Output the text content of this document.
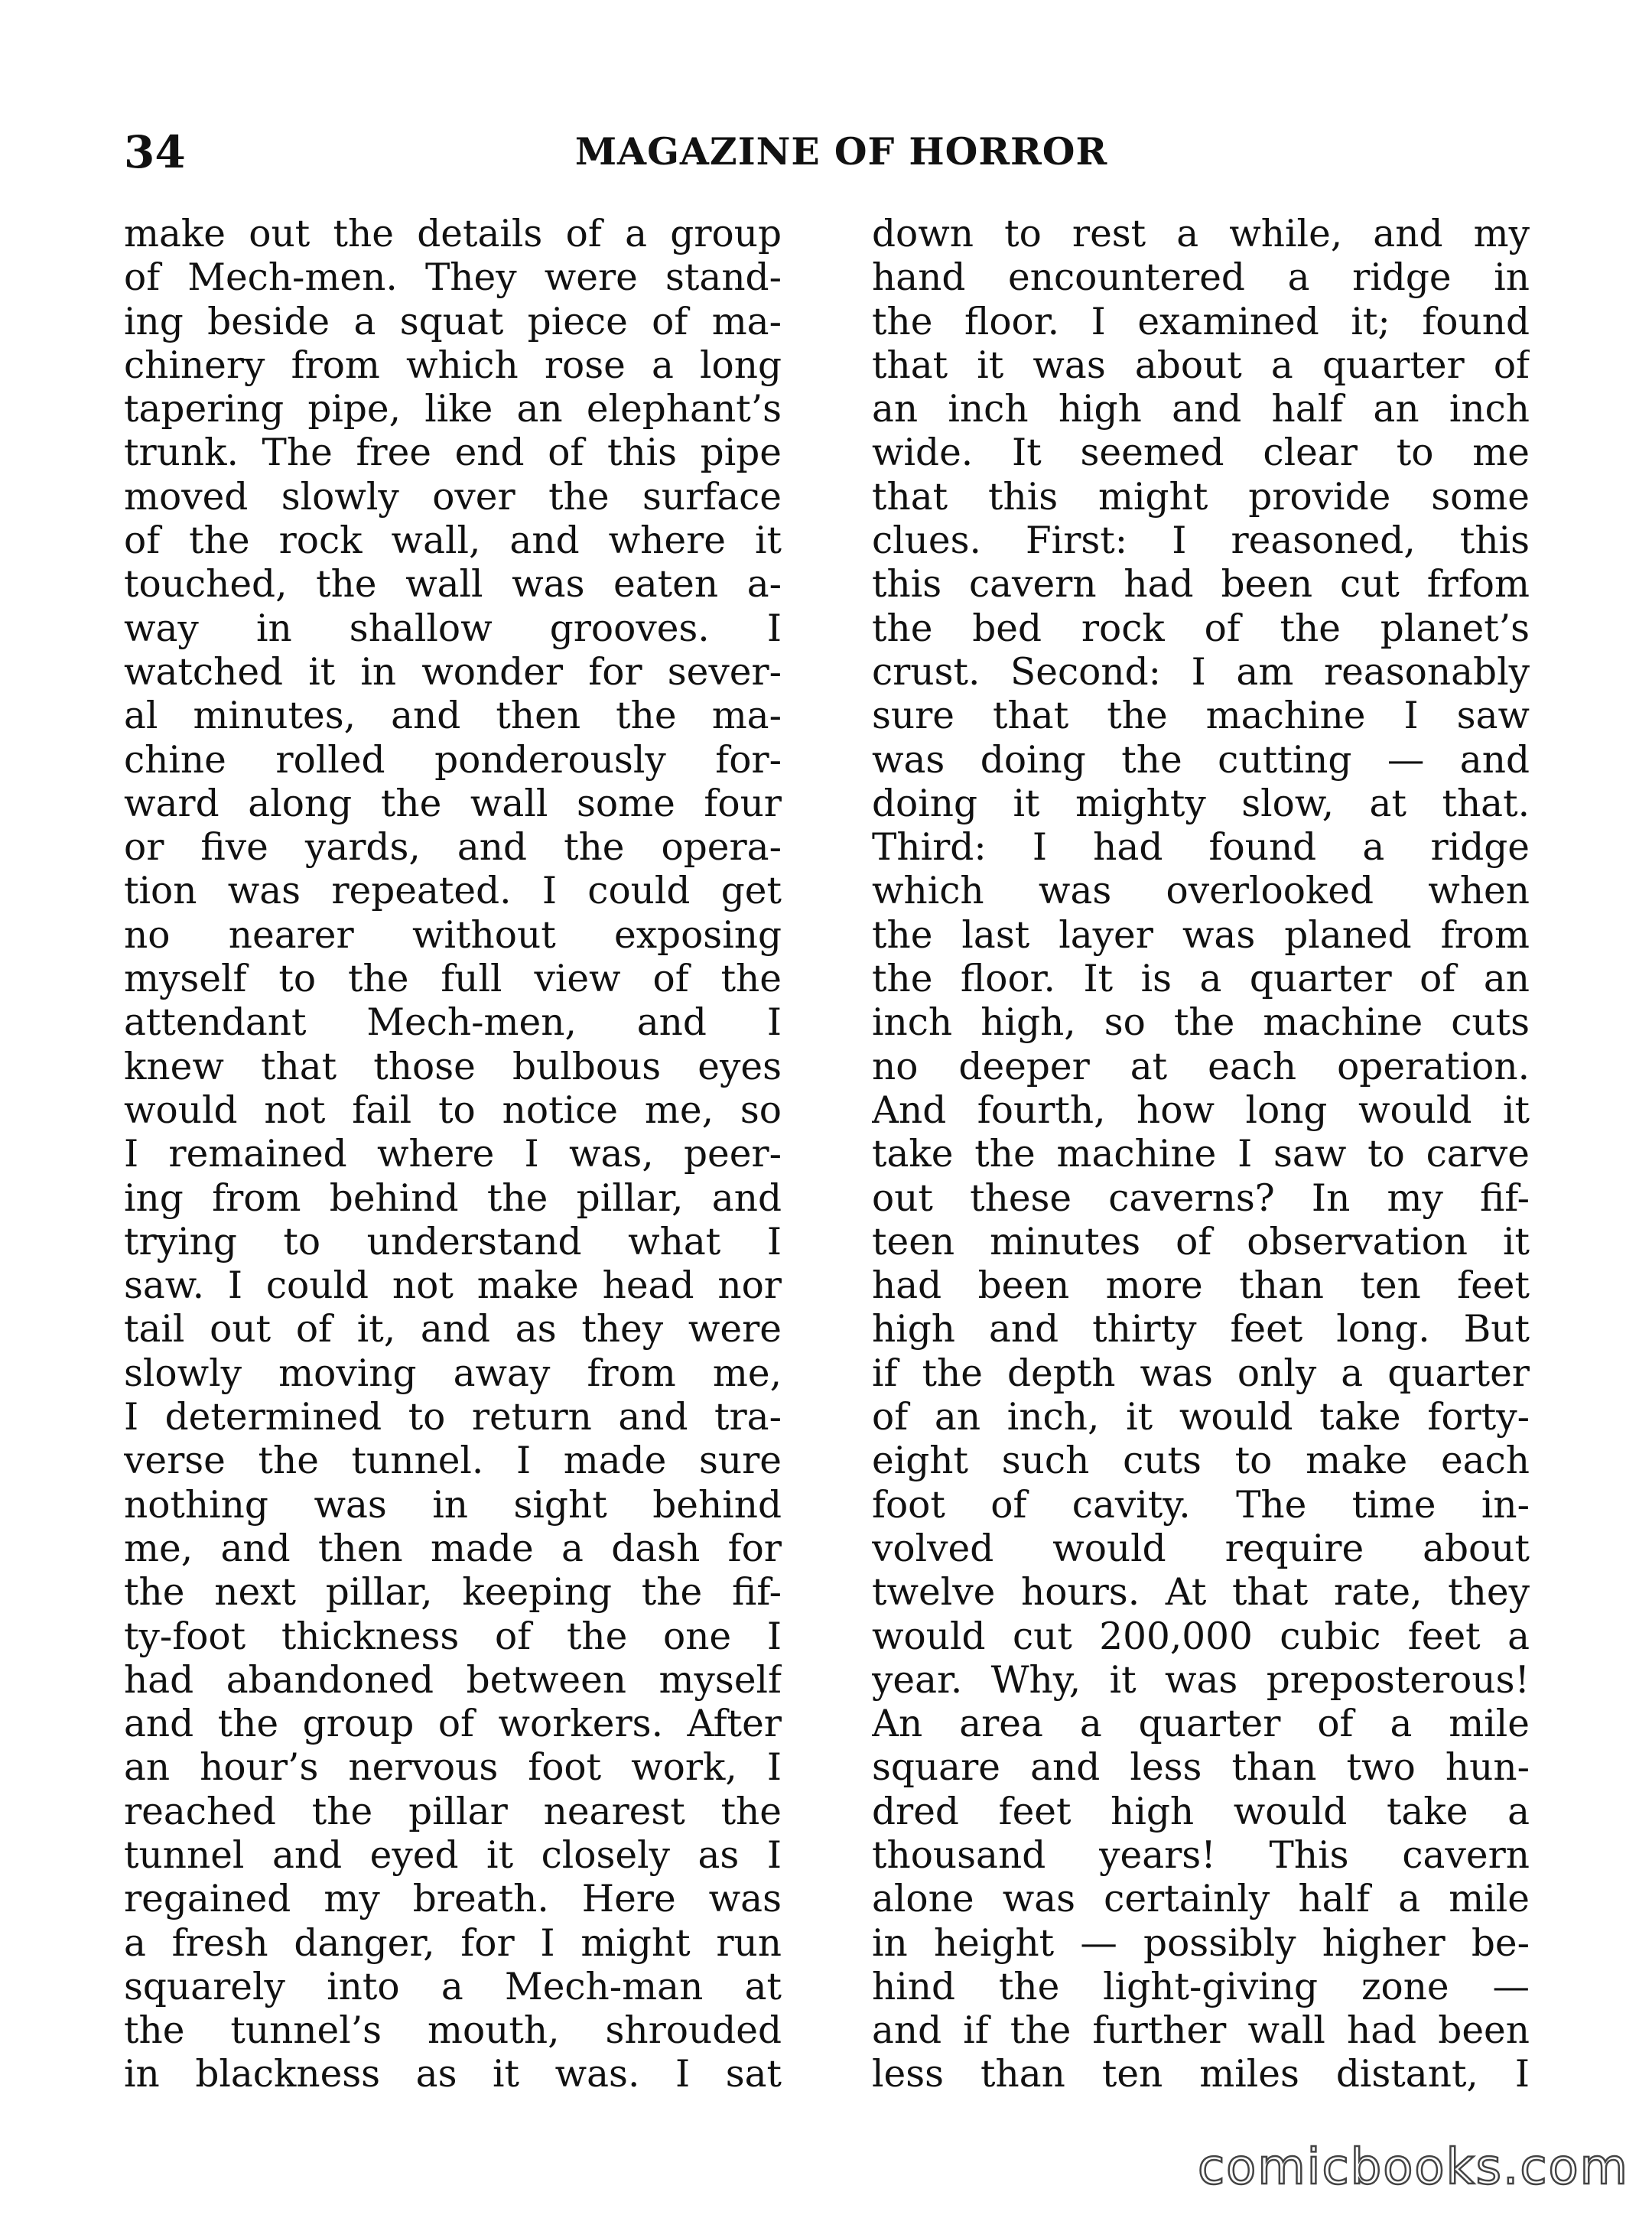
34	MAGAZINE OF HORROR
make out the details of a group
of Mech-men. They were stand-
ing beside a squat piece of ma-
chinery from which rose a long
tapering pipe, like an elephant’s
trunk. The free end of this pipe
moved slowly over the surface
of the rock wall, and where it
touched, the wall was eaten a-
way in shallow grooves. I
watched it in wonder for sever-
al minutes, and then the ma-
chine rolled ponderously for-
ward along the wall some four
or five yards, and the opera-
tion was repeated. I could get
no nearer without exposing
myself to the full view of the
attendant Mech-men, and I
knew that those bulbous eyes
would not fail to notice me, so
I remained where I was, peer-
ing from behind the pillar, and
trying to understand what I
saw. I could not make head nor
tail out of it, and as they were
slowly moving away from me,
I determined to return and tra-
verse the tunnel. I made sure
nothing was in sight behind
me, and then made a dash for
the next pillar, keeping the fif-
ty-foot thickness of the one I
had abandoned between myself
and the group of workers. After
an hour’s nervous foot work, I
reached the pillar nearest the
tunnel and eyed it closely as I
regained my breath. Here was
a fresh danger, for I might run
squarely into a Mech-man at
the tunnel’s mouth, shrouded
in blackness as it was. I sat
down to rest a while, and my
hand encountered a ridge in
the floor. I examined it; found
that it was about a quarter of
an inch high and half an inch
wide. It seemed clear to me
that this might provide some
clues. First: I reasoned, this
this cavern had been cut frfom
the bed rock of the planet’s
crust. Second: I am reasonably
sure that the machine I saw
was doing the cutting — and
doing it mighty slow, at that.
Third: I had found a ridge
which was overlooked when
the last layer was planed from
the floor. It is a quarter of an
inch high, so the machine cuts
no deeper at each operation.
And fourth, how long would it
take the machine I saw to carve
out these caverns? In my fif-
teen minutes of observation it
had been more than ten feet
high and thirty feet long. But
if the depth was only a quarter
of an inch, it would take forty-
eight such cuts to make each
foot of cavity. The time in-
volved would require about
twelve hours. At that rate, they
would cut 200,000 cubic feet a
year. Why, it was preposterous!
An area a quarter of a mile
square and less than two hun-
dred feet high would take a
thousand years! This cavern
alone was certainly half a mile
in height — possibly higher be-
hind the light-giving zone —
and if the further wall had been
less than ten miles distant, I
comicbooks.com
